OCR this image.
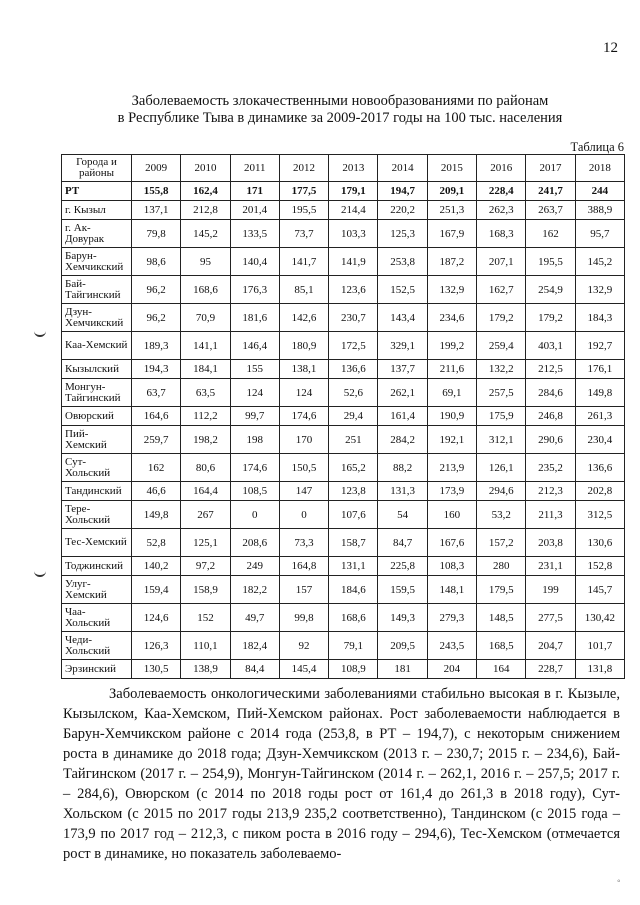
12
Заболеваемость злокачественными новообразованиями по районам
в Республике Тыва в динамике за 2009-2017 годы на 100 тыс. населения
Таблица 6
Города и районы	2009	2010	2011	2012	2013	2014	2015	2016	2017	2018
РТ	155,8	162,4	171	177,5	179,1	194,7	209,1	228,4	241,7	244
г. Кызыл	137,1	212,8	201,4	195,5	214,4	220,2	251,3	262,3	263,7	388,9
г. Ак-Довурак	79,8	145,2	133,5	73,7	103,3	125,3	167,9	168,3	162	95,7
Барун-Хемчикский	98,6	95	140,4	141,7	141,9	253,8	187,2	207,1	195,5	145,2
Бай-Тайгинский	96,2	168,6	176,3	85,1	123,6	152,5	132,9	162,7	254,9	132,9
Дзун-Хемчикский	96,2	70,9	181,6	142,6	230,7	143,4	234,6	179,2	179,2	184,3
Каа-Хемский	189,3	141,1	146,4	180,9	172,5	329,1	199,2	259,4	403,1	192,7
Кызылский	194,3	184,1	155	138,1	136,6	137,7	211,6	132,2	212,5	176,1
Монгун-Тайгинский	63,7	63,5	124	124	52,6	262,1	69,1	257,5	284,6	149,8
Овюрский	164,6	112,2	99,7	174,6	29,4	161,4	190,9	175,9	246,8	261,3
Пий-Хемский	259,7	198,2	198	170	251	284,2	192,1	312,1	290,6	230,4
Сут-Хольский	162	80,6	174,6	150,5	165,2	88,2	213,9	126,1	235,2	136,6
Тандинский	46,6	164,4	108,5	147	123,8	131,3	173,9	294,6	212,3	202,8
Тере-Хольский	149,8	267	0	0	107,6	54	160	53,2	211,3	312,5
Тес-Хемский	52,8	125,1	208,6	73,3	158,7	84,7	167,6	157,2	203,8	130,6
Тоджинский	140,2	97,2	249	164,8	131,1	225,8	108,3	280	231,1	152,8
Улуг-Хемский	159,4	158,9	182,2	157	184,6	159,5	148,1	179,5	199	145,7
Чаа-Хольский	124,6	152	49,7	99,8	168,6	149,3	279,3	148,5	277,5	130,42
Чеди-Хольский	126,3	110,1	182,4	92	79,1	209,5	243,5	168,5	204,7	101,7
Эрзинский	130,5	138,9	84,4	145,4	108,9	181	204	164	228,7	131,8

Заболеваемость онкологическими заболеваниями стабильно высокая в г. Кызыле, Кызылском, Каа-Хемском, Пий-Хемском районах. Рост заболеваемости наблюдается в Барун-Хемчикском районе с 2014 года (253,8, в РТ – 194,7), с некоторым снижением роста в динамике до 2018 года; Дзун-Хемчикском (2013 г. – 230,7; 2015 г. – 234,6), Бай-Тайгинском (2017 г. – 254,9), Монгун-Тайгинском (2014 г. – 262,1, 2016 г. – 257,5; 2017 г. – 284,6), Овюрском (с 2014 по 2018 годы рост от 161,4 до 261,3 в 2018 году), Сут-Хольском (с 2015 по 2017 годы 213,9 235,2 соответственно), Тандинском (с 2015 года – 173,9 по 2017 год – 212,3, с пиком роста в 2016 году – 294,6), Тес-Хемском (отмечается рост в динамике, но показатель заболеваемо-

◦
